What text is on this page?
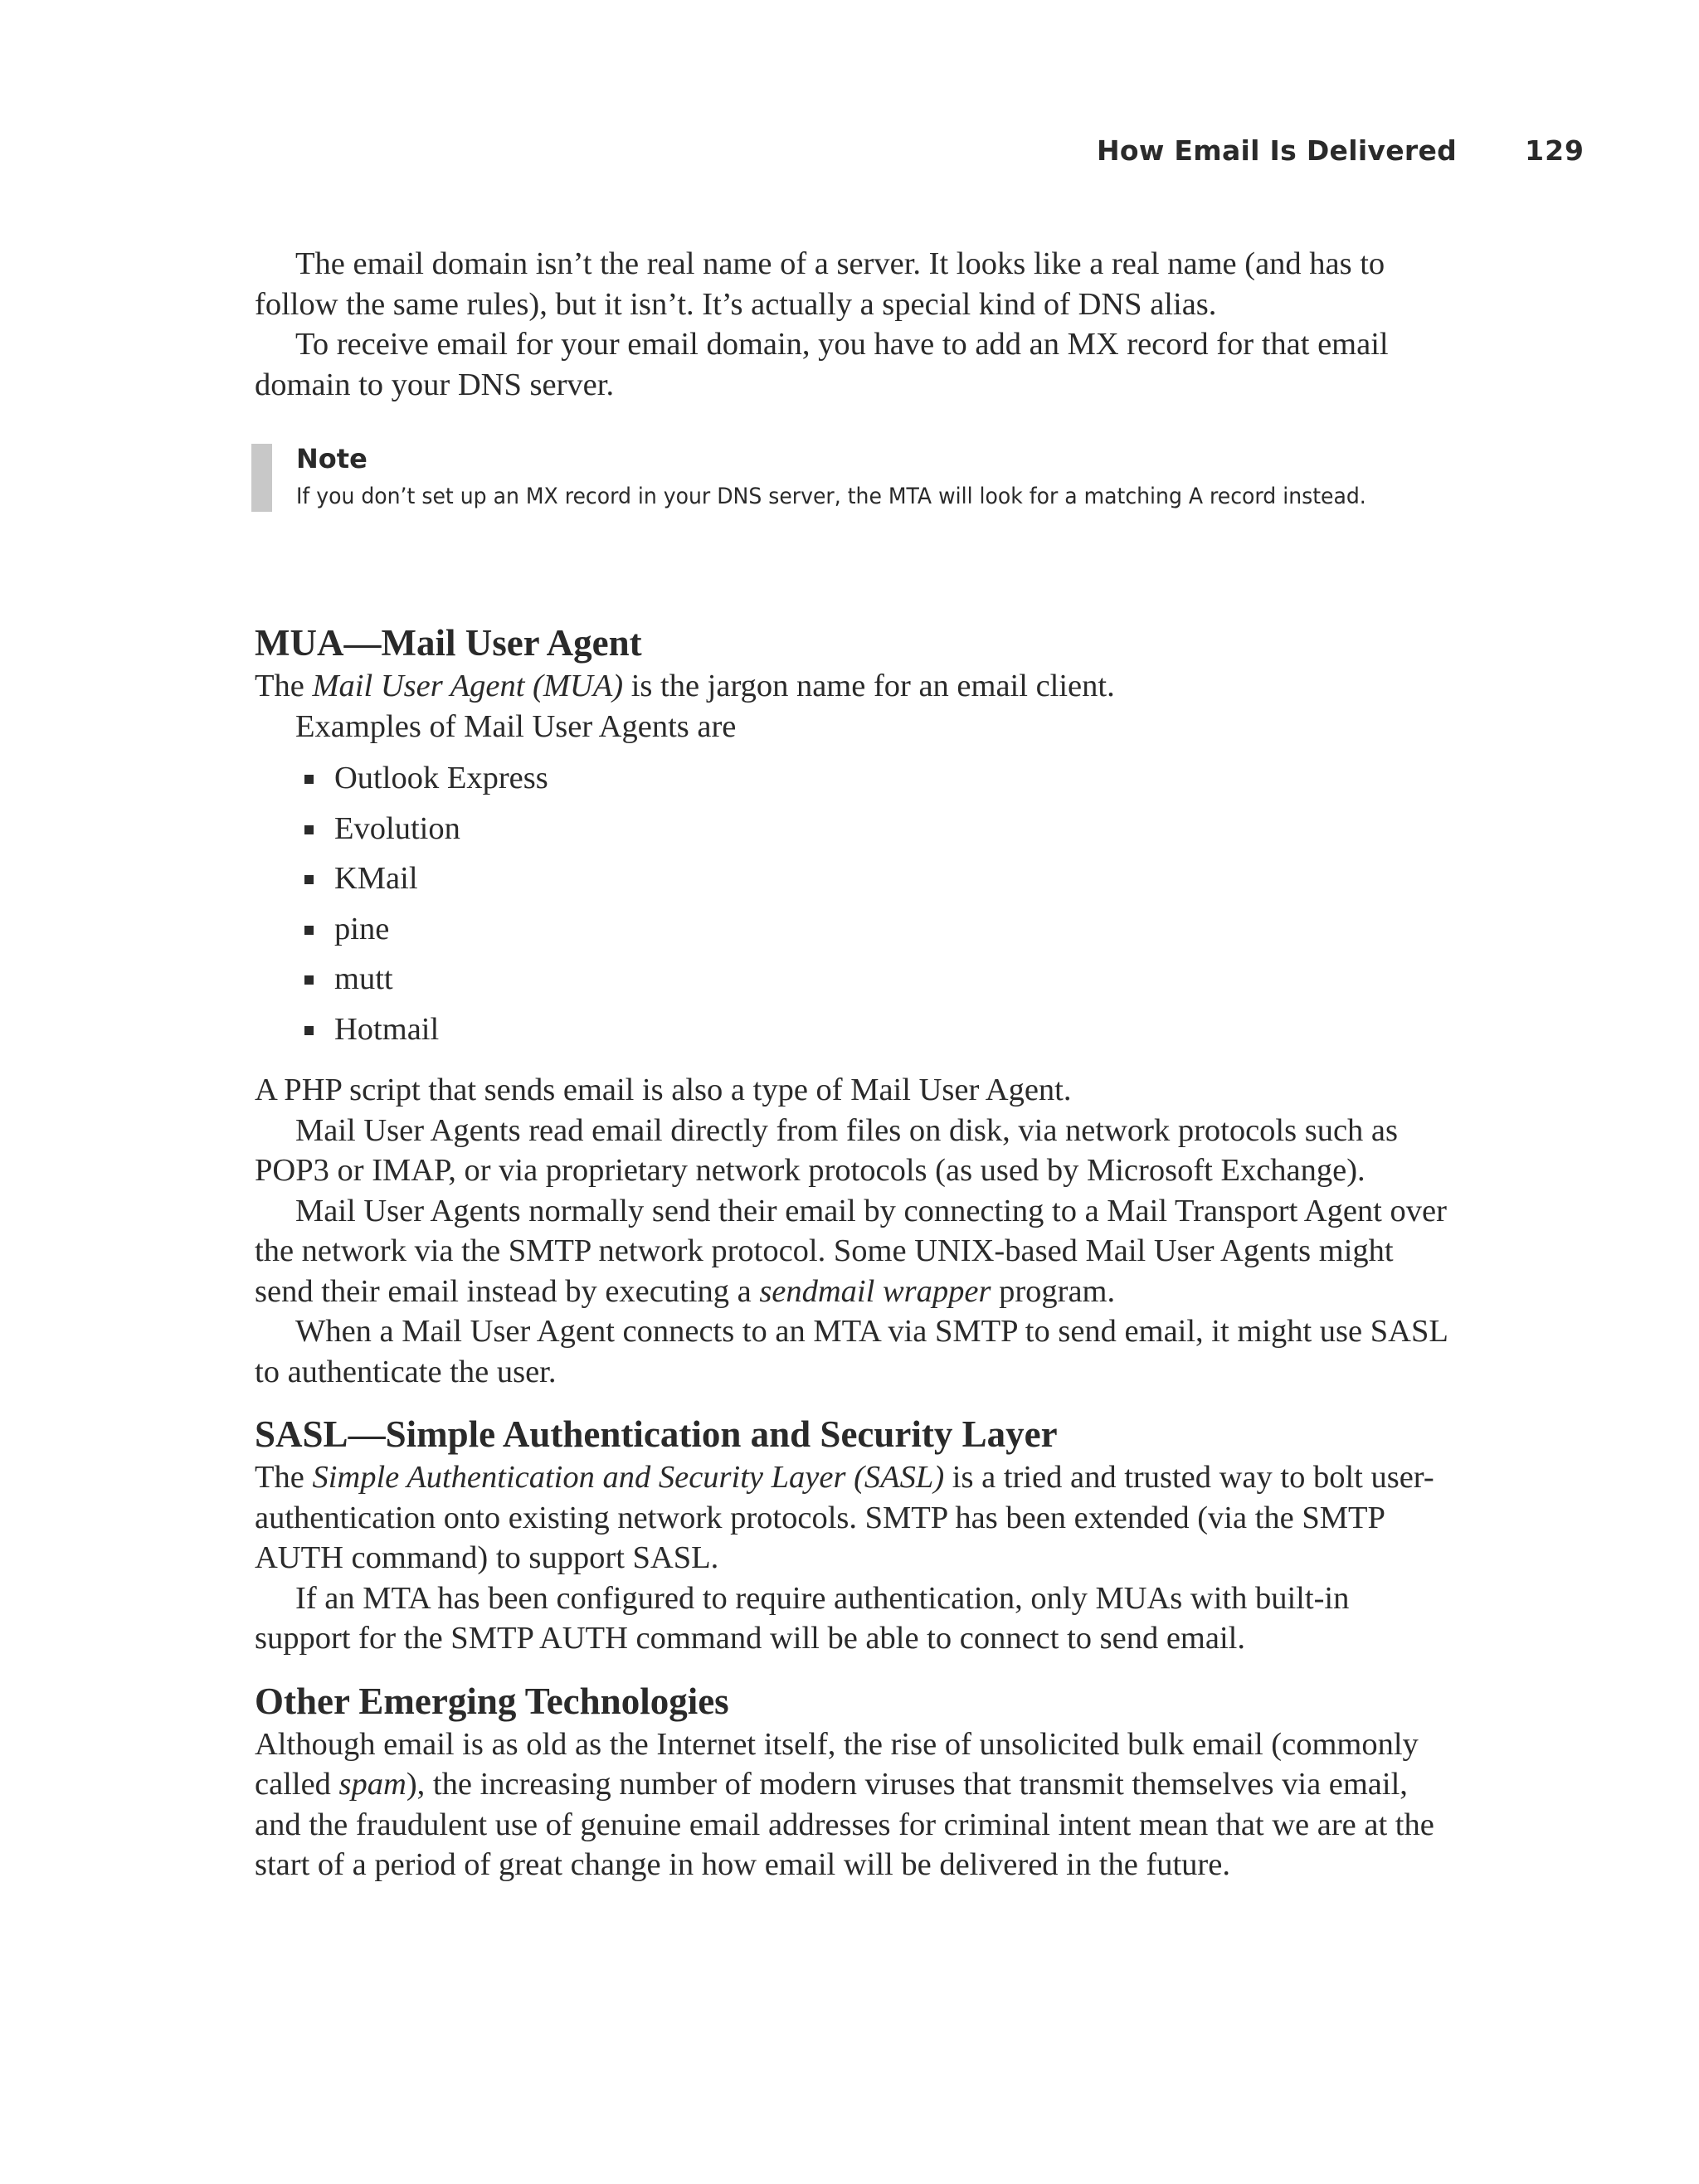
How Email Is Delivered 129

The email domain isn’t the real name of a server. It looks like a real name (and has to follow the same rules), but it isn’t. It’s actually a special kind of DNS alias.

To receive email for your email domain, you have to add an MX record for that email domain to your DNS server.

Note
If you don’t set up an MX record in your DNS server, the MTA will look for a matching A record instead.
MUA—Mail User Agent

The Mail User Agent (MUA) is the jargon name for an email client.

Examples of Mail User Agents are

Outlook Express
Evolution
KMail
pine
mutt
Hotmail

A PHP script that sends email is also a type of Mail User Agent.

Mail User Agents read email directly from files on disk, via network protocols such as POP3 or IMAP, or via proprietary network protocols (as used by Microsoft Exchange).

Mail User Agents normally send their email by connecting to a Mail Transport Agent over the network via the SMTP network protocol. Some UNIX-based Mail User Agents might send their email instead by executing a sendmail wrapper program.

When a Mail User Agent connects to an MTA via SMTP to send email, it might use SASL to authenticate the user.

SASL—Simple Authentication and Security Layer

The Simple Authentication and Security Layer (SASL) is a tried and trusted way to bolt user-authentication onto existing network protocols. SMTP has been extended (via the SMTP AUTH command) to support SASL.

If an MTA has been configured to require authentication, only MUAs with built-in support for the SMTP AUTH command will be able to connect to send email.

Other Emerging Technologies

Although email is as old as the Internet itself, the rise of unsolicited bulk email (commonly called spam), the increasing number of modern viruses that transmit themselves via email, and the fraudulent use of genuine email addresses for criminal intent mean that we are at the start of a period of great change in how email will be delivered in the future.
